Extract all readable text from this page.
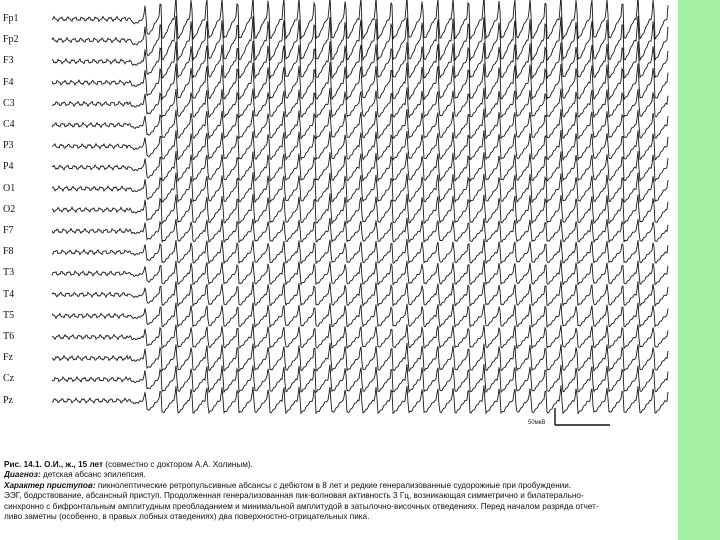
Fp1
Fp2
F3
F4
C3
C4
P3
P4
O1
O2
F7
F8
T3
T4
T5
T6
Fz
Cz
Pz
50мкВ
Рис. 14.1. О.И., ж., 15 лет (совместно с доктором А.А. Холиным).
Диагноз: детская абсанс эпилепсия.
Характер приступов: пикнолептические ретропульсивные абсансы с дебютом в 8 лет и редкие генерализованные судорожные при пробуждении.
ЭЭГ, бодрствование, абсансный приступ. Продолженная генерализованная пик-волновая активность 3 Гц, возникающая симметрично и билатерально-
синхронно с бифронтальным амплитудным преобладанием и минимальной амплитудой в затылочно-височных отведениях. Перед началом разряда отчет-
ливо заметны (особенно, в правых лобных отведениях) два поверхностно-отрицательных пика.
